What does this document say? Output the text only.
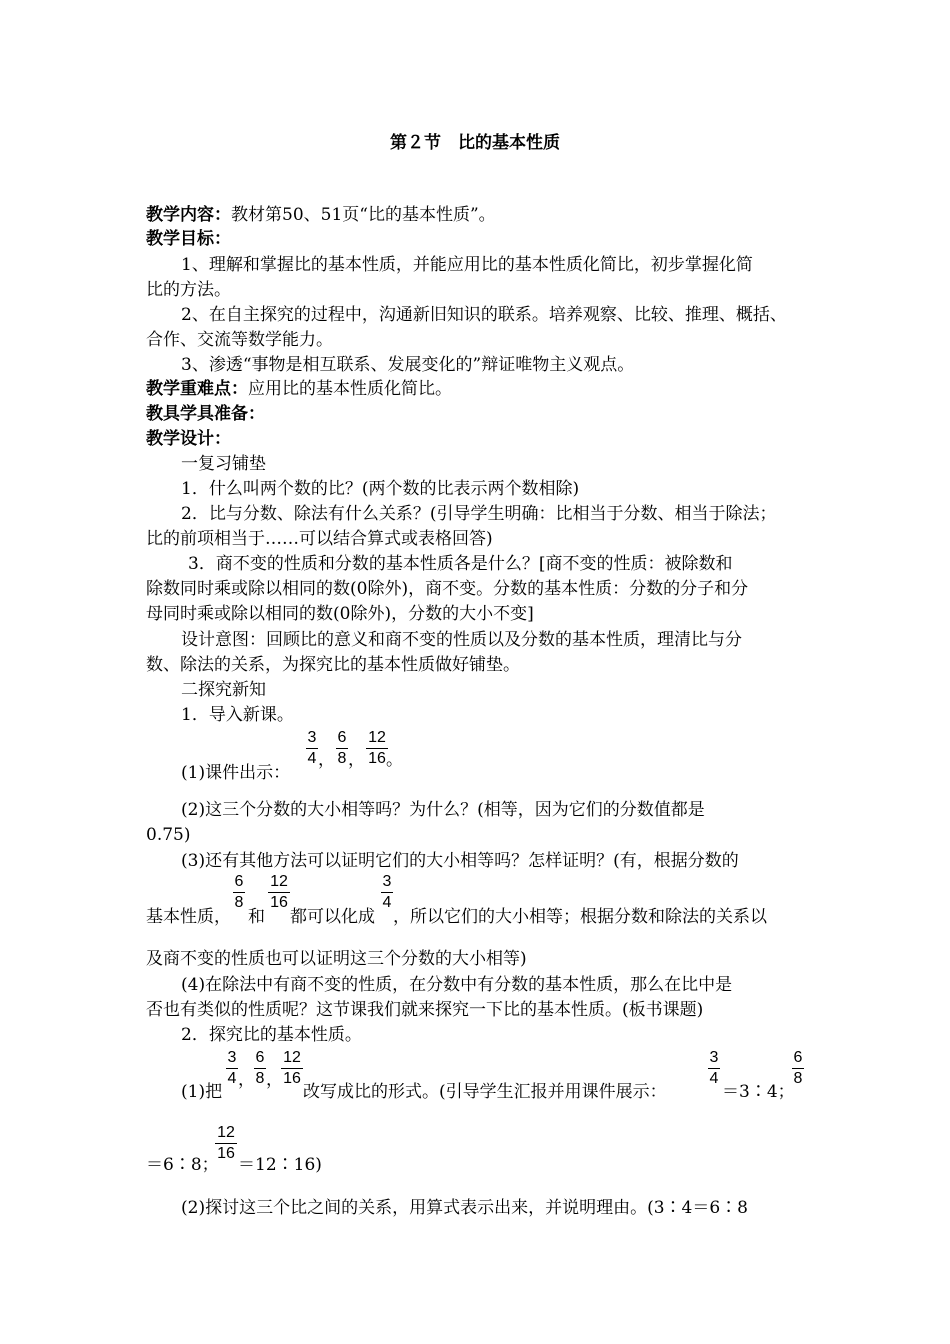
第２节　比的基本性质
教学内容：教材第50、51页“比的基本性质”。
教学目标：
1、理解和掌握比的基本性质，并能应用比的基本性质化简比，初步掌握化简
比的方法。
2、在自主探究的过程中，沟通新旧知识的联系。培养观察、比较、推理、概括、
合作、交流等数学能力。
3、渗透“事物是相互联系、发展变化的”辩证唯物主义观点。
教学重难点：应用比的基本性质化简比。
教具学具准备：
教学设计：
一复习铺垫
1．什么叫两个数的比？(两个数的比表示两个数相除)
2．比与分数、除法有什么关系？(引导学生明确：比相当于分数、相当于除法；
比的前项相当于……可以结合算式或表格回答)
3．商不变的性质和分数的基本性质各是什么？[商不变的性质：被除数和
除数同时乘或除以相同的数(0除外)，商不变。分数的基本性质：分数的分子和分
母同时乘或除以相同的数(0除外)，分数的大小不变]
设计意图：回顾比的意义和商不变的性质以及分数的基本性质，理清比与分
数、除法的关系，为探究比的基本性质做好铺垫。
二探究新知
1．导入新课。
(1)课件出示：
3
4 ，
6
8 ，
12
16 。
(2)这三个分数的大小相等吗？为什么？(相等，因为它们的分数值都是
0.75)
(3)还有其他方法可以证明它们的大小相等吗？怎样证明？(有，根据分数的
基本性质，
6
8
和
12
16
都可以化成
3
4
，所以它们的大小相等；根据分数和除法的关系以
及商不变的性质也可以证明这三个分数的大小相等)
(4)在除法中有商不变的性质，在分数中有分数的基本性质，那么在比中是
否也有类似的性质呢？这节课我们就来探究一下比的基本性质。(板书课题)
2．探究比的基本性质。
(1)把
3
4 ，
6
8 ，
12
16
改写成比的形式。(引导学生汇报并用课件展示：
3
4
＝3∶4；
6
8
12
16
＝6∶8； ＝12∶16)
(2)探讨这三个比之间的关系，用算式表示出来，并说明理由。(3∶4＝6∶8
